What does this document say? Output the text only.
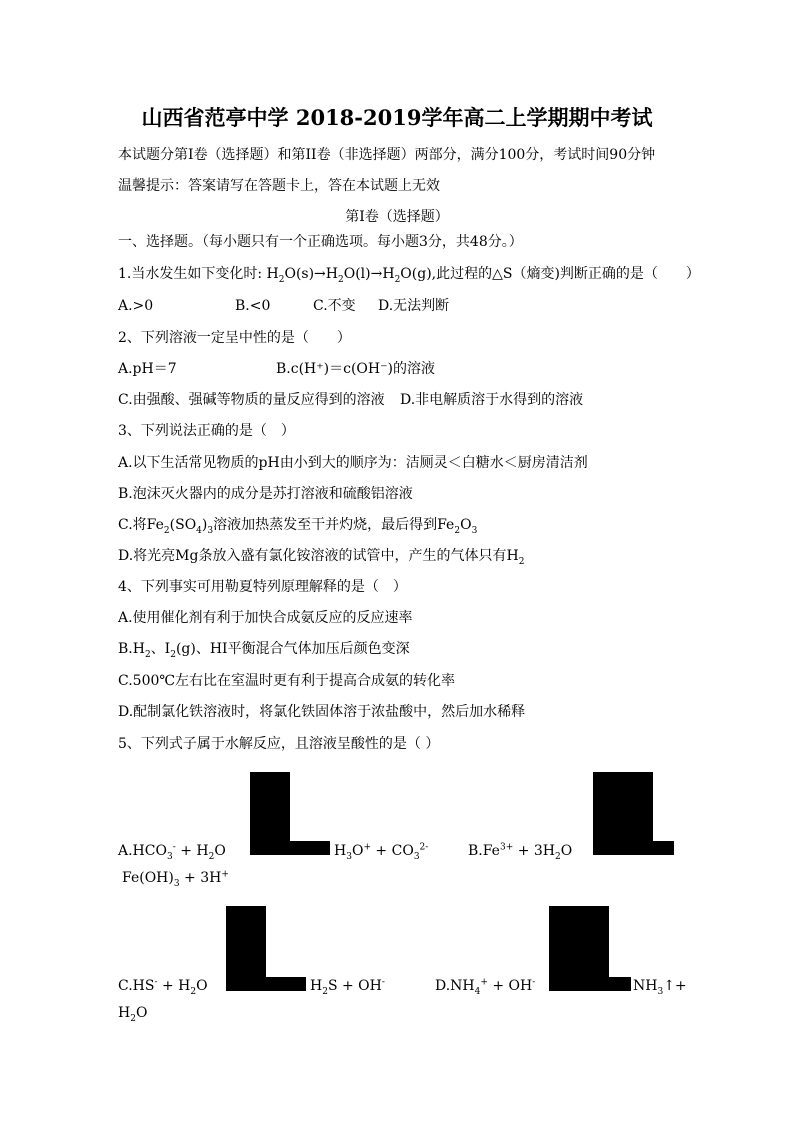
山西省范亭中学 2018-2019学年高二上学期期中考试
本试题分第I卷（选择题）和第II卷（非选择题）两部分，满分100分，考试时间90分钟
温馨提示：答案请写在答题卡上，答在本试题上无效
第I卷（选择题）
一、选择题。（每小题只有一个正确选项。每小题3分，共48分。）
1.当水发生如下变化时: $H_2O(s)\to H_2O(l)\to H_2O(g)$,此过程的△S（熵变)判断正确的是（　　）
A.>0	B.<0	C.不变 D.无法判断
2、下列溶液一定呈中性的是（　　）
A.pH＝7	B.c(H⁺)＝c(OH⁻)的溶液
C.由强酸、强碱等物质的量反应得到的溶液 D.非电解质溶于水得到的溶液
3、下列说法正确的是（　）
A.以下生活常见物质的pH由小到大的顺序为：洁厕灵＜白糖水＜厨房清洁剂
B.泡沫灭火器内的成分是苏打溶液和硫酸铝溶液
C.将$Fe_2(SO_4)_3$溶液加热蒸发至干并灼烧，最后得到$Fe_2O_3$
D.将光亮Mg条放入盛有氯化铵溶液的试管中，产生的气体只有$H_2$
4、下列事实可用勒夏特列原理解释的是（　）
A.使用催化剂有利于加快合成氨反应的反应速率
$B.H_2$、$I_2(g)$、HI平衡混合气体加压后颜色变深
C.500℃左右比在室温时更有利于提高合成氨的转化率
D.配制氯化铁溶液时，将氯化铁固体溶于浓盐酸中，然后加水稀释
5、下列式子属于水解反应，且溶液呈酸性的是（ ）
$A.HCO_3^- + H_2O$	$H_3O^+ + CO_3^{2-}$	$B.Fe^{3+} + 3H_2O$
$Fe(OH)_3 + 3H^+$
$C.HS^- + H_2O$	$H_2S + OH^-$	$D.NH_4^+ + OH^-$	$NH_3↑+$
$H_2O$
